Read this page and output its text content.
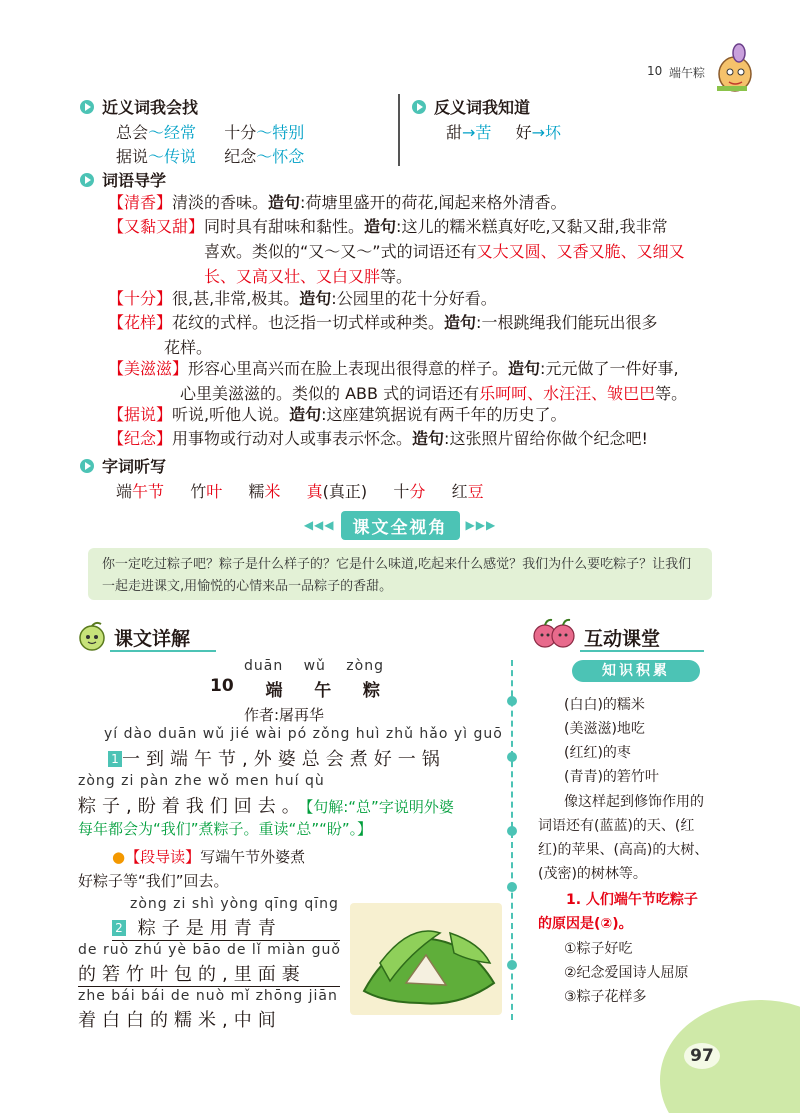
10 端午粽
近义词我会找
总会～经常 十分～特别
据说～传说 纪念～怀念
反义词我知道
甜→苦 好→坏
词语导学
【清香】清淡的香味。造句:荷塘里盛开的荷花,闻起来格外清香。
【又黏又甜】同时具有甜味和黏性。造句:这儿的糯米糕真好吃,又黏又甜,我非常
喜欢。类似的“又～又～”式的词语还有又大又圆、又香又脆、又细又
长、又高又壮、又白又胖等。
【十分】很,甚,非常,极其。造句:公园里的花十分好看。
【花样】花纹的式样。也泛指一切式样或种类。造句:一根跳绳我们能玩出很多
花样。
【美滋滋】形容心里高兴而在脸上表现出很得意的样子。造句:元元做了一件好事,
心里美滋滋的。类似的 ABB 式的词语还有乐呵呵、水汪汪、皱巴巴等。
【据说】听说,听他人说。造句:这座建筑据说有两千年的历史了。
【纪念】用事物或行动对人或事表示怀念。造句:这张照片留给你做个纪念吧!
字词听写
端午节 竹叶 糯米 真(真正) 十分 红豆
◀◀◀	课文全视角	▶▶▶
你一定吃过粽子吧？粽子是什么样子的？它是什么味道,吃起来什么感觉？我们为什么要吃粽子？让我们一起走进课文,用愉悦的心情来品一品粽子的香甜。
课文详解
duān wǔ zòng
10 端 午 粽
作者:屠再华
yí dào duān wǔ jié wài pó zǒng huì zhǔ hǎo yì guō
1 一到端午节,外婆总会煮好一锅
zòng zi pàn zhe wǒ men huí qù
粽子,盼着我们回去。【句解:“总”字说明外婆
每年都会为“我们”煮粽子。重读“总”“盼”。】
●【段导读】写端午节外婆煮
好粽子等“我们”回去。
zòng zi shì yòng qīng qīng
2 粽子是用青青
de ruò zhú yè bāo de lǐ miàn guǒ
的箬竹叶包的,里面裹
zhe bái bái de nuò mǐ zhōng jiān
着白白的糯米,中间
互动课堂
知识积累
(白白)的糯米
(美滋滋)地吃
(红红)的枣
(青青)的箬竹叶
像这样起到修饰作用的
词语还有(蓝蓝)的天、(红
红)的苹果、(高高)的大树、
(茂密)的树林等。
1. 人们端午节吃粽子
的原因是(②)。
①粽子好吃
②纪念爱国诗人屈原
③粽子花样多
97
